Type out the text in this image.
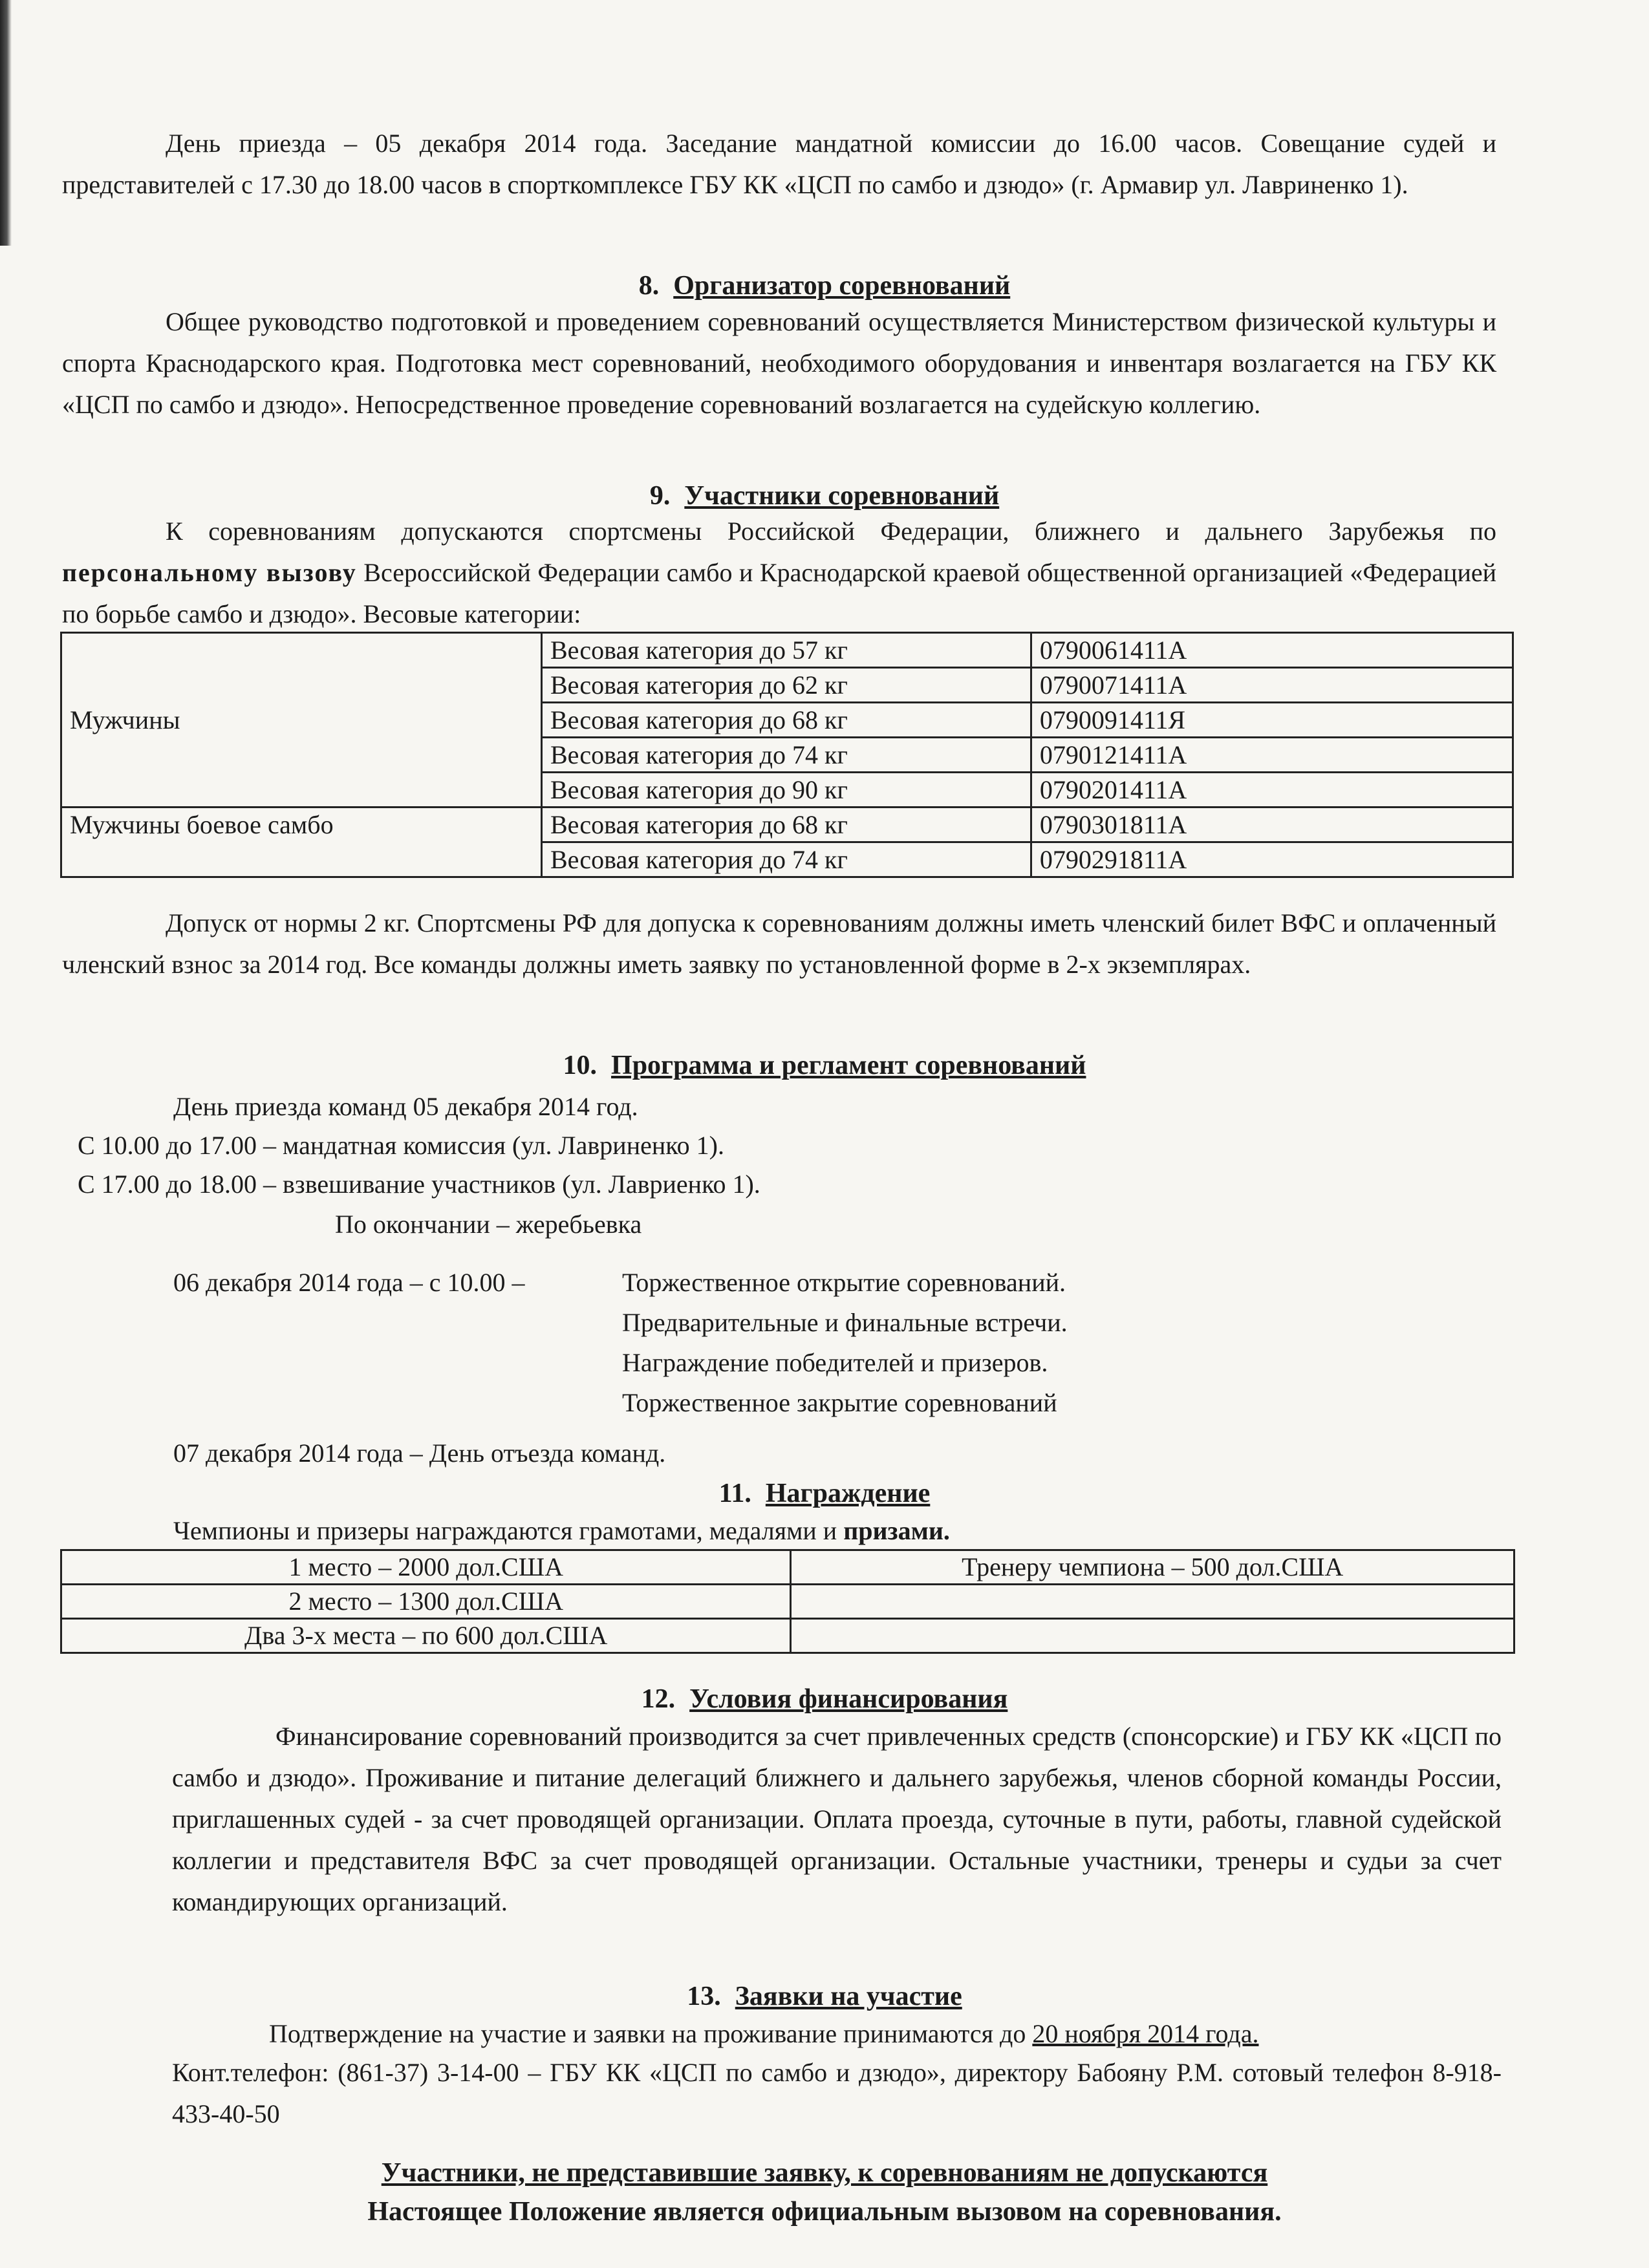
День приезда – 05 декабря 2014 года. Заседание мандатной комиссии до 16.00 часов. Совещание судей и представителей с 17.30 до 18.00 часов в спорткомплексе ГБУ КК «ЦСП по самбо и дзюдо» (г. Армавир ул. Лавриненко 1).

8. Организатор соревнований

Общее руководство подготовкой и проведением соревнований осуществляется Министерством физической культуры и спорта Краснодарского края. Подготовка мест соревнований, необходимого оборудования и инвентаря возлагается на ГБУ КК «ЦСП по самбо и дзюдо». Непосредственное проведение соревнований возлагается на судейскую коллегию.

9. Участники соревнований

К соревнованиям допускаются спортсмены Российской Федерации, ближнего и дальнего Зарубежья по персональному вызову Всероссийской Федерации самбо и Краснодарской краевой общественной организацией «Федерацией по борьбе самбо и дзюдо». Весовые категории:

Мужчины	Весовая категория до 57 кг	0790061411А
	Весовая категория до 62 кг	0790071411А
	Весовая категория до 68 кг	0790091411Я
	Весовая категория до 74 кг	0790121411А
	Весовая категория до 90 кг	0790201411А
Мужчины боевое самбо	Весовая категория до 68 кг	0790301811А
	Весовая категория до 74 кг	0790291811А

Допуск от нормы 2 кг. Спортсмены РФ для допуска к соревнованиям должны иметь членский билет ВФС и оплаченный членский взнос за 2014 год. Все команды должны иметь заявку по установленной форме в 2-х экземплярах.

10. Программа и регламент соревнований
День приезда команд 05 декабря 2014 год.
С 10.00 до 17.00 – мандатная комиссия (ул. Лавриненко 1).
С 17.00 до 18.00 – взвешивание участников (ул. Лавриенко 1).
По окончании – жеребьевка
06 декабря 2014 года – с 10.00 –	Торжественное открытие соревнований.
Предварительные и финальные встречи.
Награждение победителей и призеров.
Торжественное закрытие соревнований
07 декабря 2014 года – День отъезда команд.
11. Награждение
Чемпионы и призеры награждаются грамотами, медалями и призами.
1 место – 2000 дол.США	Тренеру чемпиона – 500 дол.США
2 место – 1300 дол.США	
Два 3-х места – по 600 дол.США	
12. Условия финансирования

Финансирование соревнований производится за счет привлеченных средств (спонсорские) и ГБУ КК «ЦСП по самбо и дзюдо». Проживание и питание делегаций ближнего и дальнего зарубежья, членов сборной команды России, приглашенных судей - за счет проводящей организации. Оплата проезда, суточные в пути, работы, главной судейской коллегии и представителя ВФС за счет проводящей организации. Остальные участники, тренеры и судьи за счет командирующих организаций.

13. Заявки на участие
Подтверждение на участие и заявки на проживание принимаются до 20 ноября 2014 года.

Конт.телефон: (861-37) 3-14-00 – ГБУ КК «ЦСП по самбо и дзюдо», директору Бабояну Р.М. сотовый телефон 8-918-433-40-50

Участники, не представившие заявку, к соревнованиям не допускаются
Настоящее Положение является официальным вызовом на соревнования.
